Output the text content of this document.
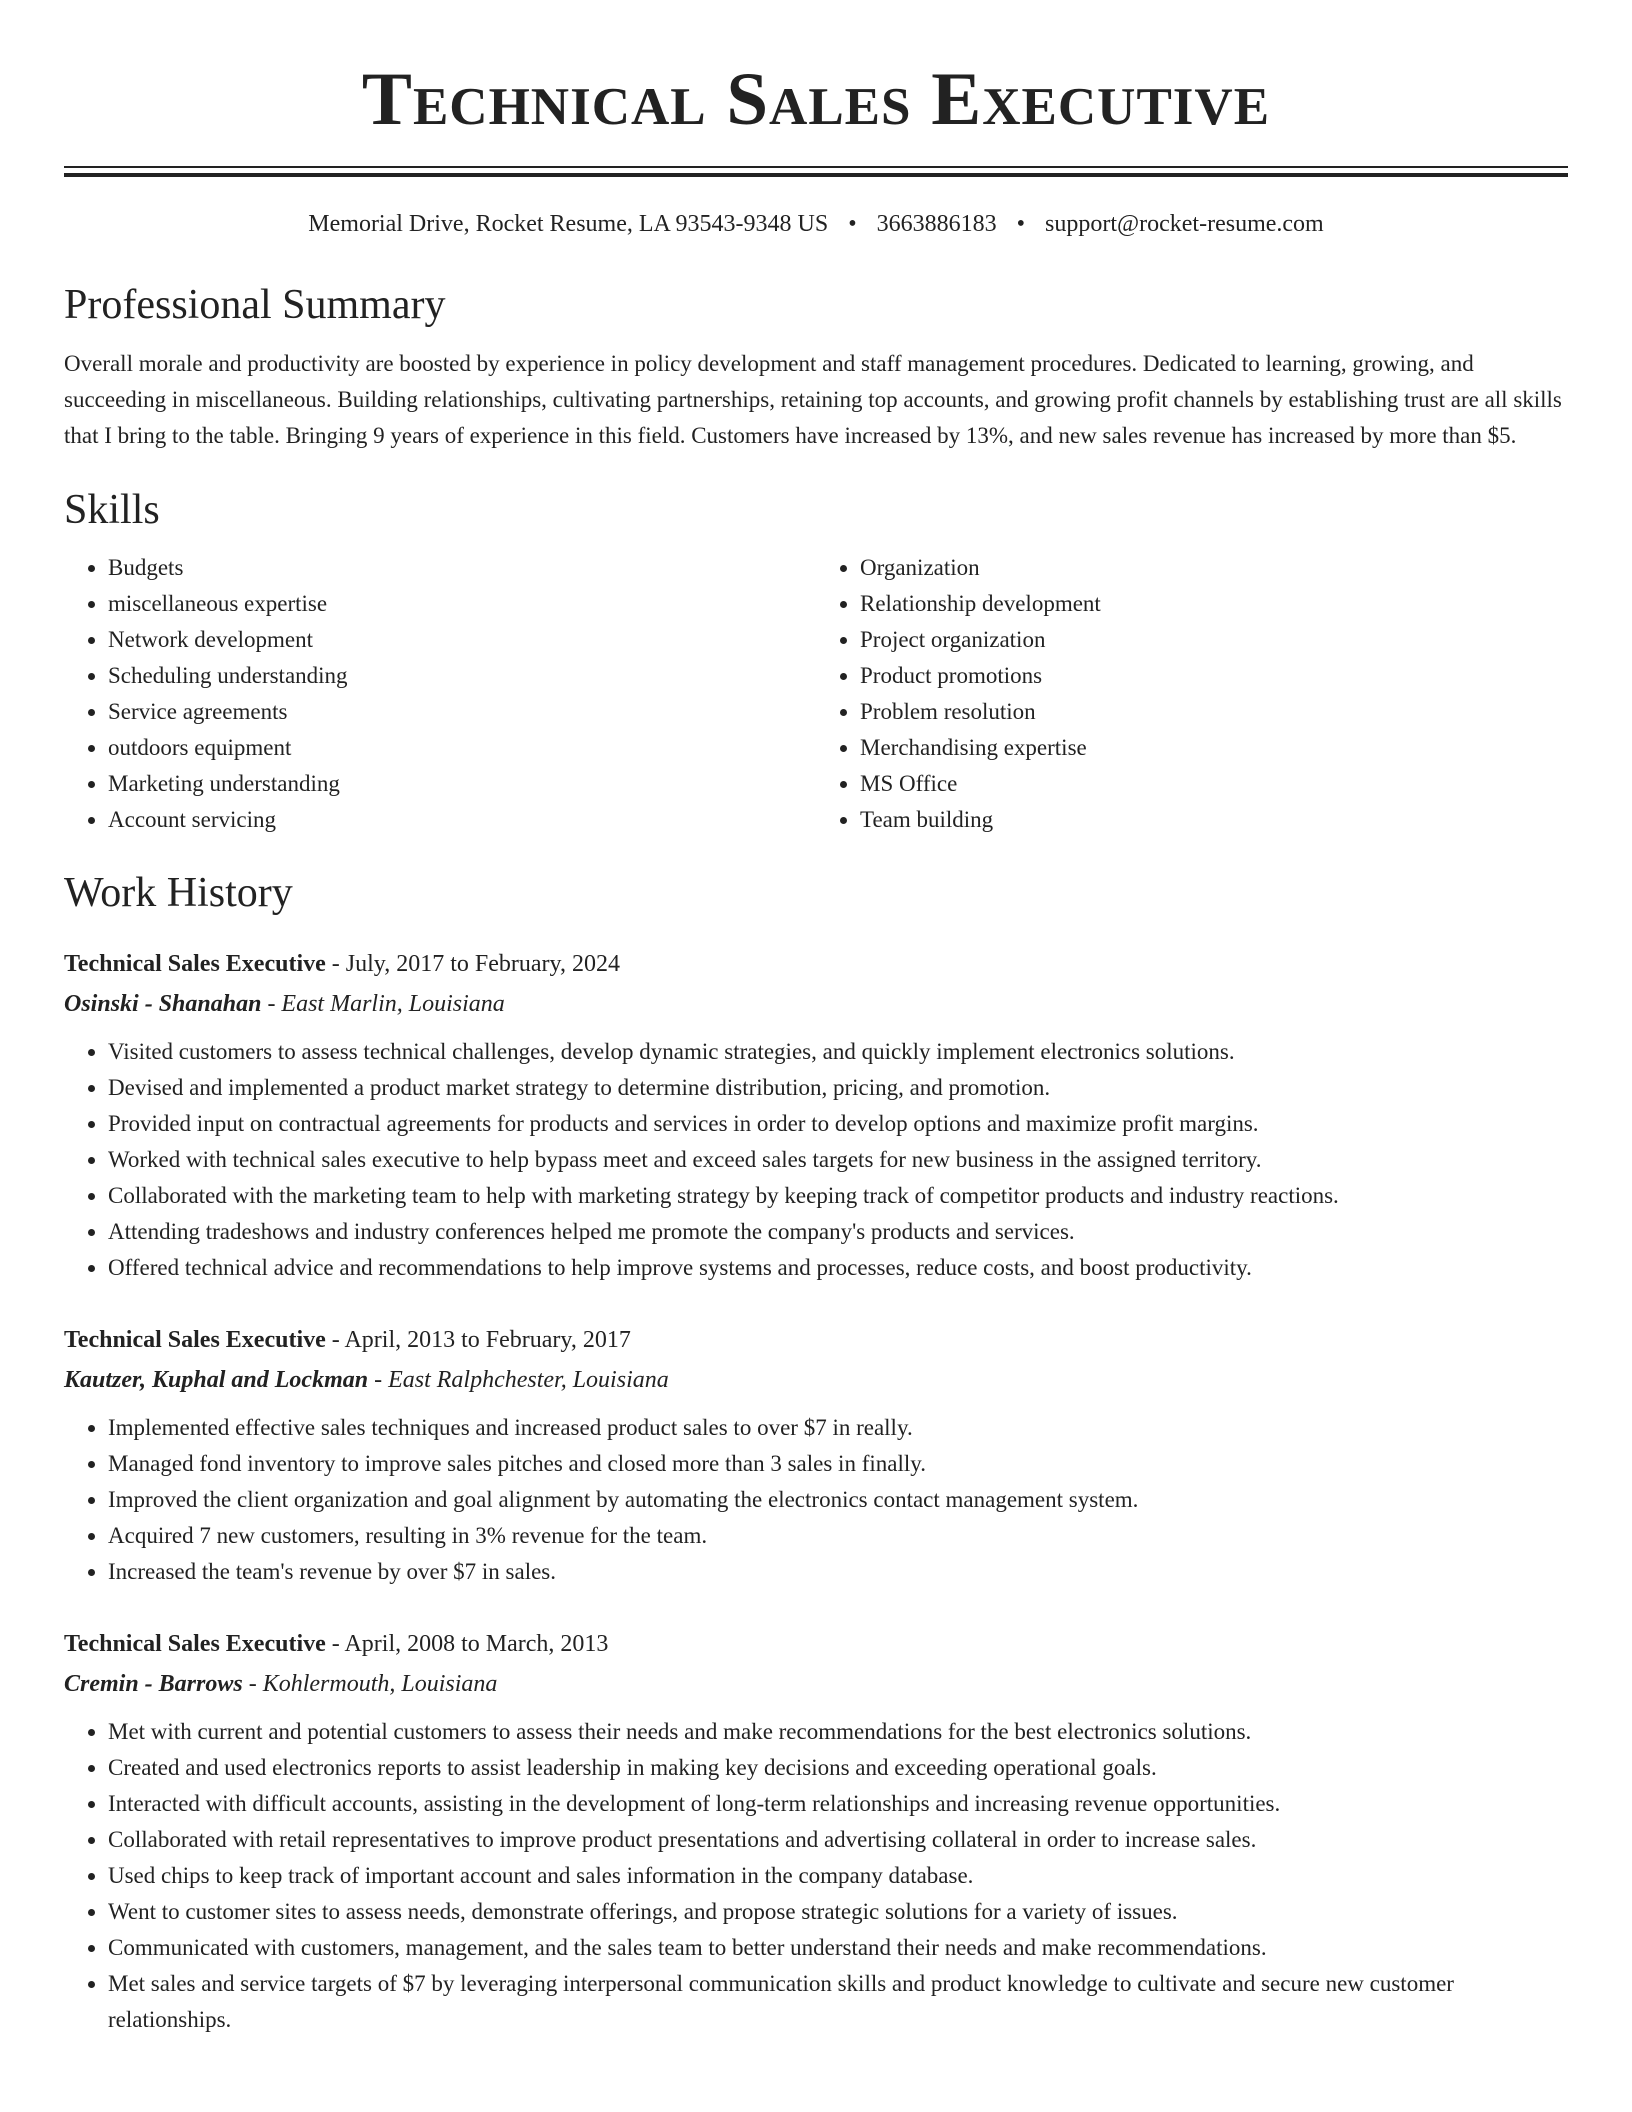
Technical Sales Executive
Memorial Drive, Rocket Resume, LA 93543-9348 US • 3663886183 • support@rocket-resume.com
Professional Summary

Overall morale and productivity are boosted by experience in policy development and staff management procedures. Dedicated to learning, growing, and succeeding in miscellaneous. Building relationships, cultivating partnerships, retaining top accounts, and growing profit channels by establishing trust are all skills that I bring to the table. Bringing 9 years of experience in this field. Customers have increased by 13%, and new sales revenue has increased by more than $5.

Skills
• Budgets
• miscellaneous expertise
• Network development
• Scheduling understanding
• Service agreements
• outdoors equipment
• Marketing understanding
• Account servicing
• Organization
• Relationship development
• Project organization
• Product promotions
• Problem resolution
• Merchandising expertise
• MS Office
• Team building
Work History
Technical Sales Executive - July, 2017 to February, 2024
Osinski - Shanahan - East Marlin, Louisiana
• Visited customers to assess technical challenges, develop dynamic strategies, and quickly implement electronics solutions.
• Devised and implemented a product market strategy to determine distribution, pricing, and promotion.
• Provided input on contractual agreements for products and services in order to develop options and maximize profit margins.
• Worked with technical sales executive to help bypass meet and exceed sales targets for new business in the assigned territory.
• Collaborated with the marketing team to help with marketing strategy by keeping track of competitor products and industry reactions.
• Attending tradeshows and industry conferences helped me promote the company's products and services.
• Offered technical advice and recommendations to help improve systems and processes, reduce costs, and boost productivity.
Technical Sales Executive - April, 2013 to February, 2017
Kautzer, Kuphal and Lockman - East Ralphchester, Louisiana
• Implemented effective sales techniques and increased product sales to over $7 in really.
• Managed fond inventory to improve sales pitches and closed more than 3 sales in finally.
• Improved the client organization and goal alignment by automating the electronics contact management system.
• Acquired 7 new customers, resulting in 3% revenue for the team.
• Increased the team's revenue by over $7 in sales.
Technical Sales Executive - April, 2008 to March, 2013
Cremin - Barrows - Kohlermouth, Louisiana
• Met with current and potential customers to assess their needs and make recommendations for the best electronics solutions.
• Created and used electronics reports to assist leadership in making key decisions and exceeding operational goals.
• Interacted with difficult accounts, assisting in the development of long-term relationships and increasing revenue opportunities.
• Collaborated with retail representatives to improve product presentations and advertising collateral in order to increase sales.
• Used chips to keep track of important account and sales information in the company database.
• Went to customer sites to assess needs, demonstrate offerings, and propose strategic solutions for a variety of issues.
• Communicated with customers, management, and the sales team to better understand their needs and make recommendations.
• Met sales and service targets of $7 by leveraging interpersonal communication skills and product knowledge to cultivate and secure new customer relationships.
